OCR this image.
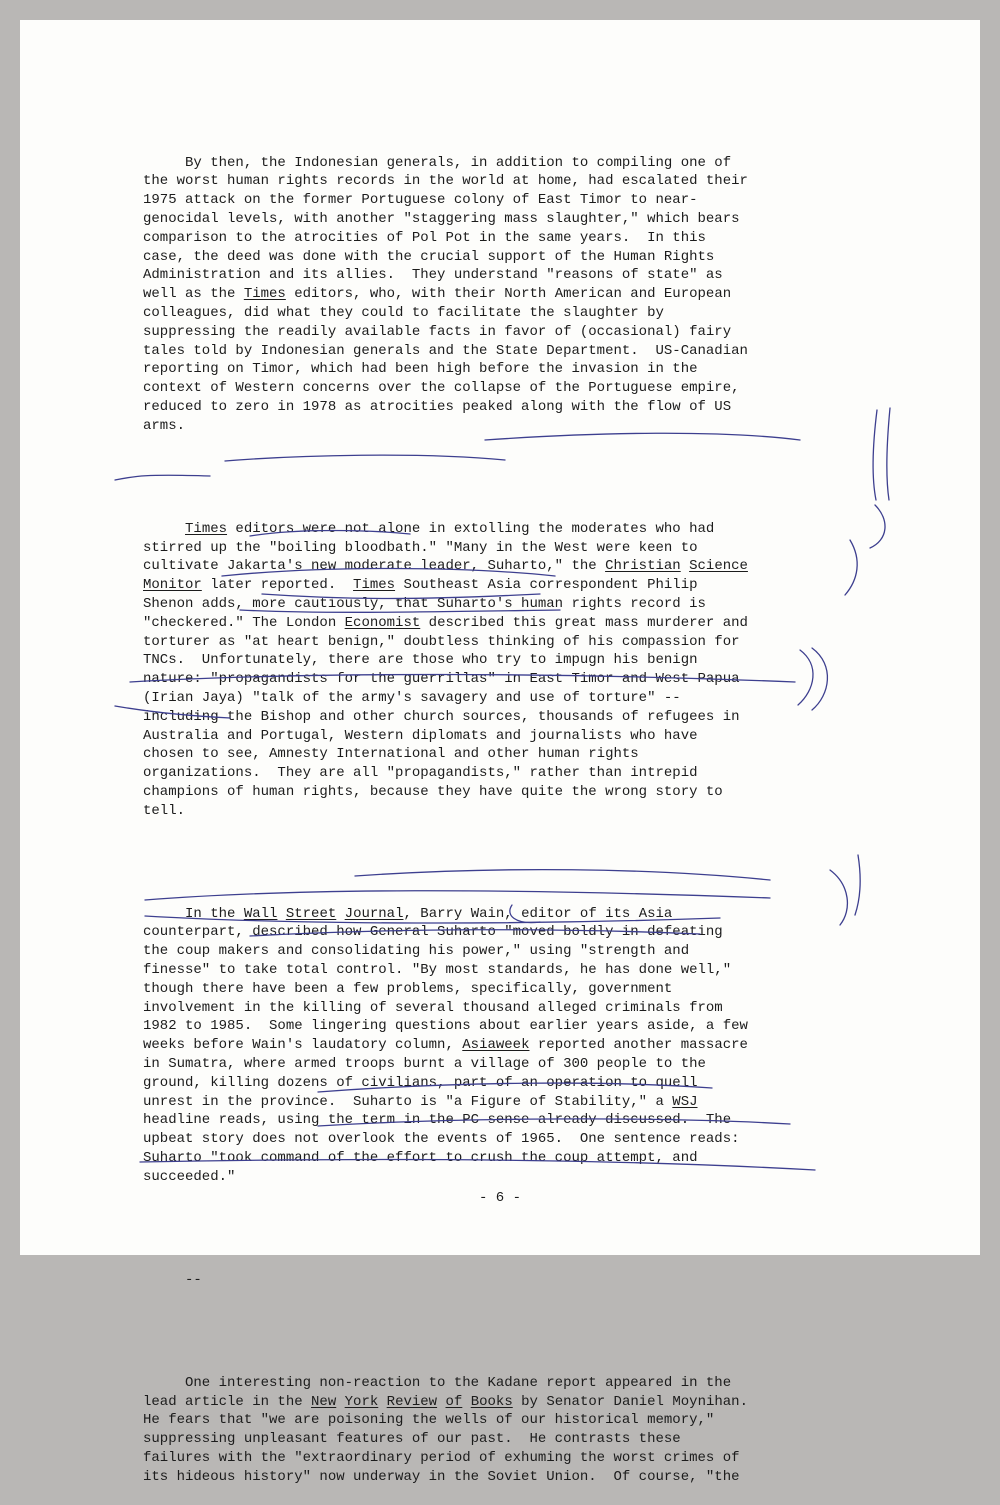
By then, the Indonesian generals, in addition to compiling one of
the worst human rights records in the world at home, had escalated their
1975 attack on the former Portuguese colony of East Timor to near-
genocidal levels, with another "staggering mass slaughter," which bears
comparison to the atrocities of Pol Pot in the same years.  In this
case, the deed was done with the crucial support of the Human Rights
Administration and its allies.  They understand "reasons of state" as
well as the Times editors, who, with their North American and European
colleagues, did what they could to facilitate the slaughter by
suppressing the readily available facts in favor of (occasional) fairy
tales told by Indonesian generals and the State Department.  US-Canadian
reporting on Timor, which had been high before the invasion in the
context of Western concerns over the collapse of the Portuguese empire,
reduced to zero in 1978 as atrocities peaked along with the flow of US
arms.

Times editors were not alone in extolling the moderates who had
stirred up the "boiling bloodbath." "Many in the West were keen to
cultivate Jakarta's new moderate leader, Suharto," the Christian Science
Monitor later reported.  Times Southeast Asia correspondent Philip
Shenon adds, more cautiously, that Suharto's human rights record is
"checkered." The London Economist described this great mass murderer and
torturer as "at heart benign," doubtless thinking of his compassion for
TNCs.  Unfortunately, there are those who try to impugn his benign
nature: "propagandists for the guerrillas" in East Timor and West Papua
(Irian Jaya) "talk of the army's savagery and use of torture" --
including the Bishop and other church sources, thousands of refugees in
Australia and Portugal, Western diplomats and journalists who have
chosen to see, Amnesty International and other human rights
organizations.  They are all "propagandists," rather than intrepid
champions of human rights, because they have quite the wrong story to
tell.

In the Wall Street Journal, Barry Wain, editor of its Asia
counterpart, described how General Suharto "moved boldly in defeating
the coup makers and consolidating his power," using "strength and
finesse" to take total control. "By most standards, he has done well,"
though there have been a few problems, specifically, government
involvement in the killing of several thousand alleged criminals from
1982 to 1985.  Some lingering questions about earlier years aside, a few
weeks before Wain's laudatory column, Asiaweek reported another massacre
in Sumatra, where armed troops burnt a village of 300 people to the
ground, killing dozens of civilians, part of an operation to quell
unrest in the province.  Suharto is "a Figure of Stability," a WSJ
headline reads, using the term in the PC sense already discussed.  The
upbeat story does not overlook the events of 1965.  One sentence reads:
Suharto "took command of the effort to crush the coup attempt, and
succeeded."

--

One interesting non-reaction to the Kadane report appeared in the
lead article in the New York Review of Books by Senator Daniel Moynihan.
He fears that "we are poisoning the wells of our historical memory,"
suppressing unpleasant features of our past.  He contrasts these
failures with the "extraordinary period of exhuming the worst crimes of
its hideous history" now underway in the Soviet Union.  Of course, "the

- 6 -
